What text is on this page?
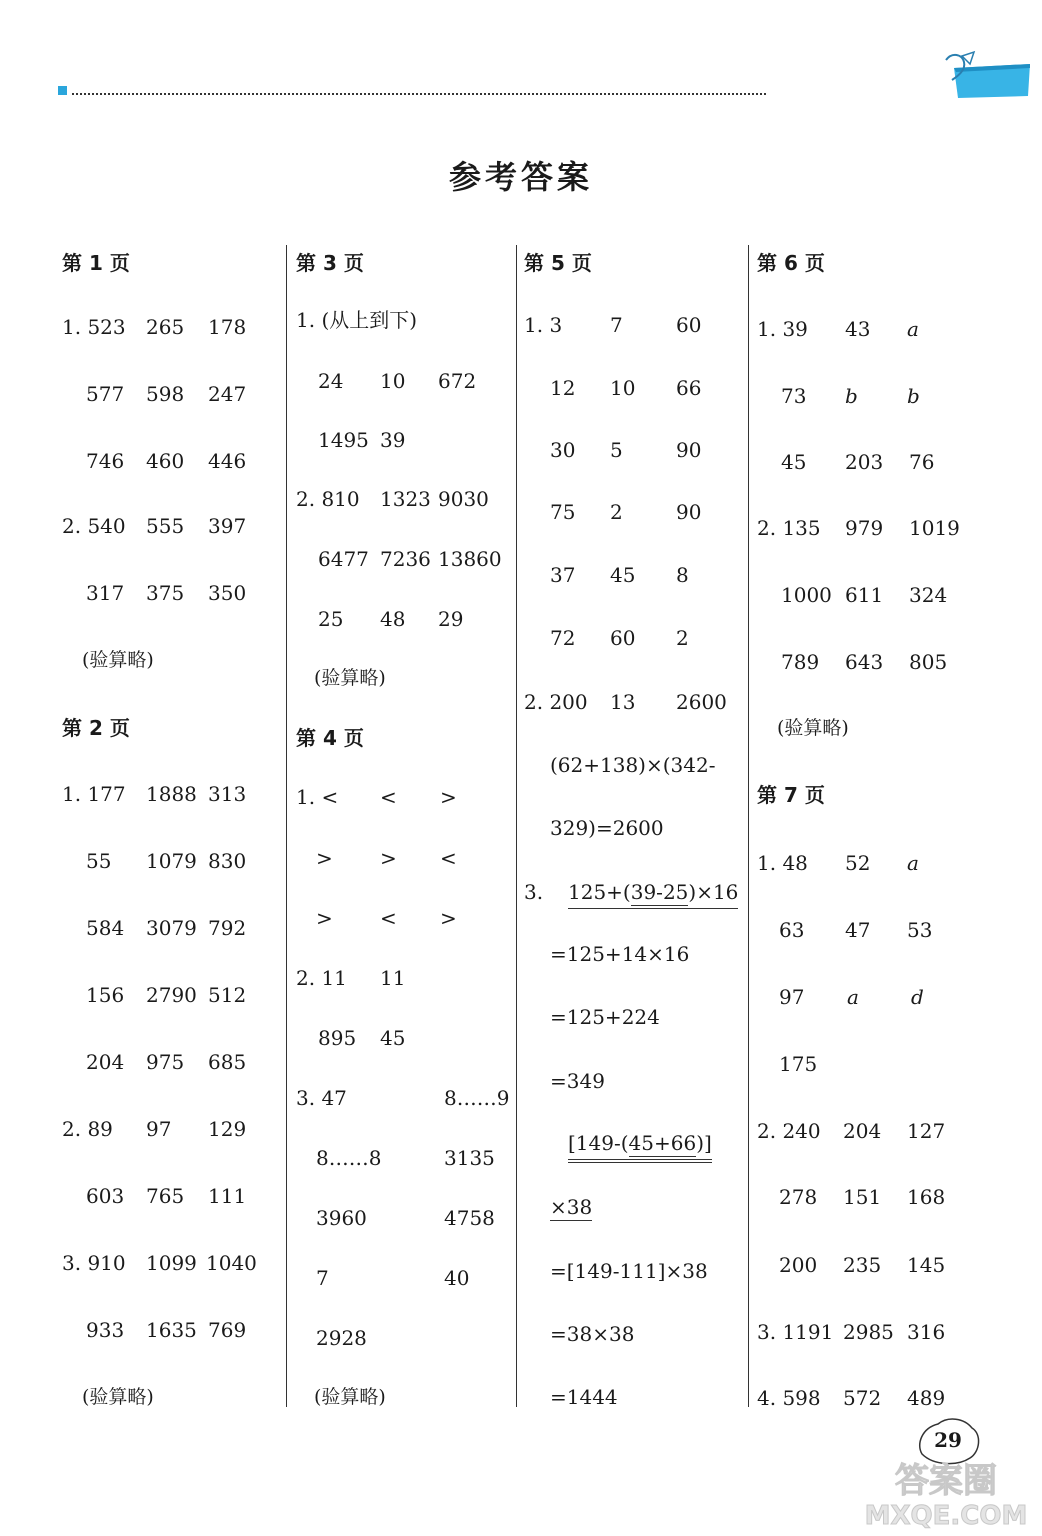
参考答案
第 1 页
1. 523 265 178
577 598 247
746 460 446
2. 540 555 397
317 375 350
(验算略)
第 2 页
1. 177 1888 313
55 1079 830
584 3079 792
156 2790 512
204 975 685
2. 89 97 129
603 765 111
3. 910 1099 1040
933 1635 769
(验算略)
第 3 页
1. (从上到下)
24 10 672
1495 39
2. 810 1323 9030
6477 7236 13860
25 48 29
(验算略)
第 4 页
1. < < >
> > <
> < >
2. 11 11
895 45
3. 47	8……9
8……8	3135
3960	4758
7	40
2928
(验算略)
第 5 页
1. 3 7	60
12 10 66
30 5	90
75 2	90
37 45 8
72 60 2
2. 200 13 2600
(62+138)×(342-
329)=2600
3. 125+(39-25)×16
=125+14×16
=125+224
=349
[149-(45+66)]
×38
=[149-111]×38
=38×38
=1444
第 6 页
1. 39 43 a
73 b b
45 203 76
2. 135 979 1019
1000 611 324
789 643 805
(验算略)
第 7 页
1. 48 52 a
63 47 53
97 a	d
175
2. 240 204 127
278 151 168
200 235 145
3. 1191 2985 316
4. 598 572 489
29
答案圈
MXQE.COM
